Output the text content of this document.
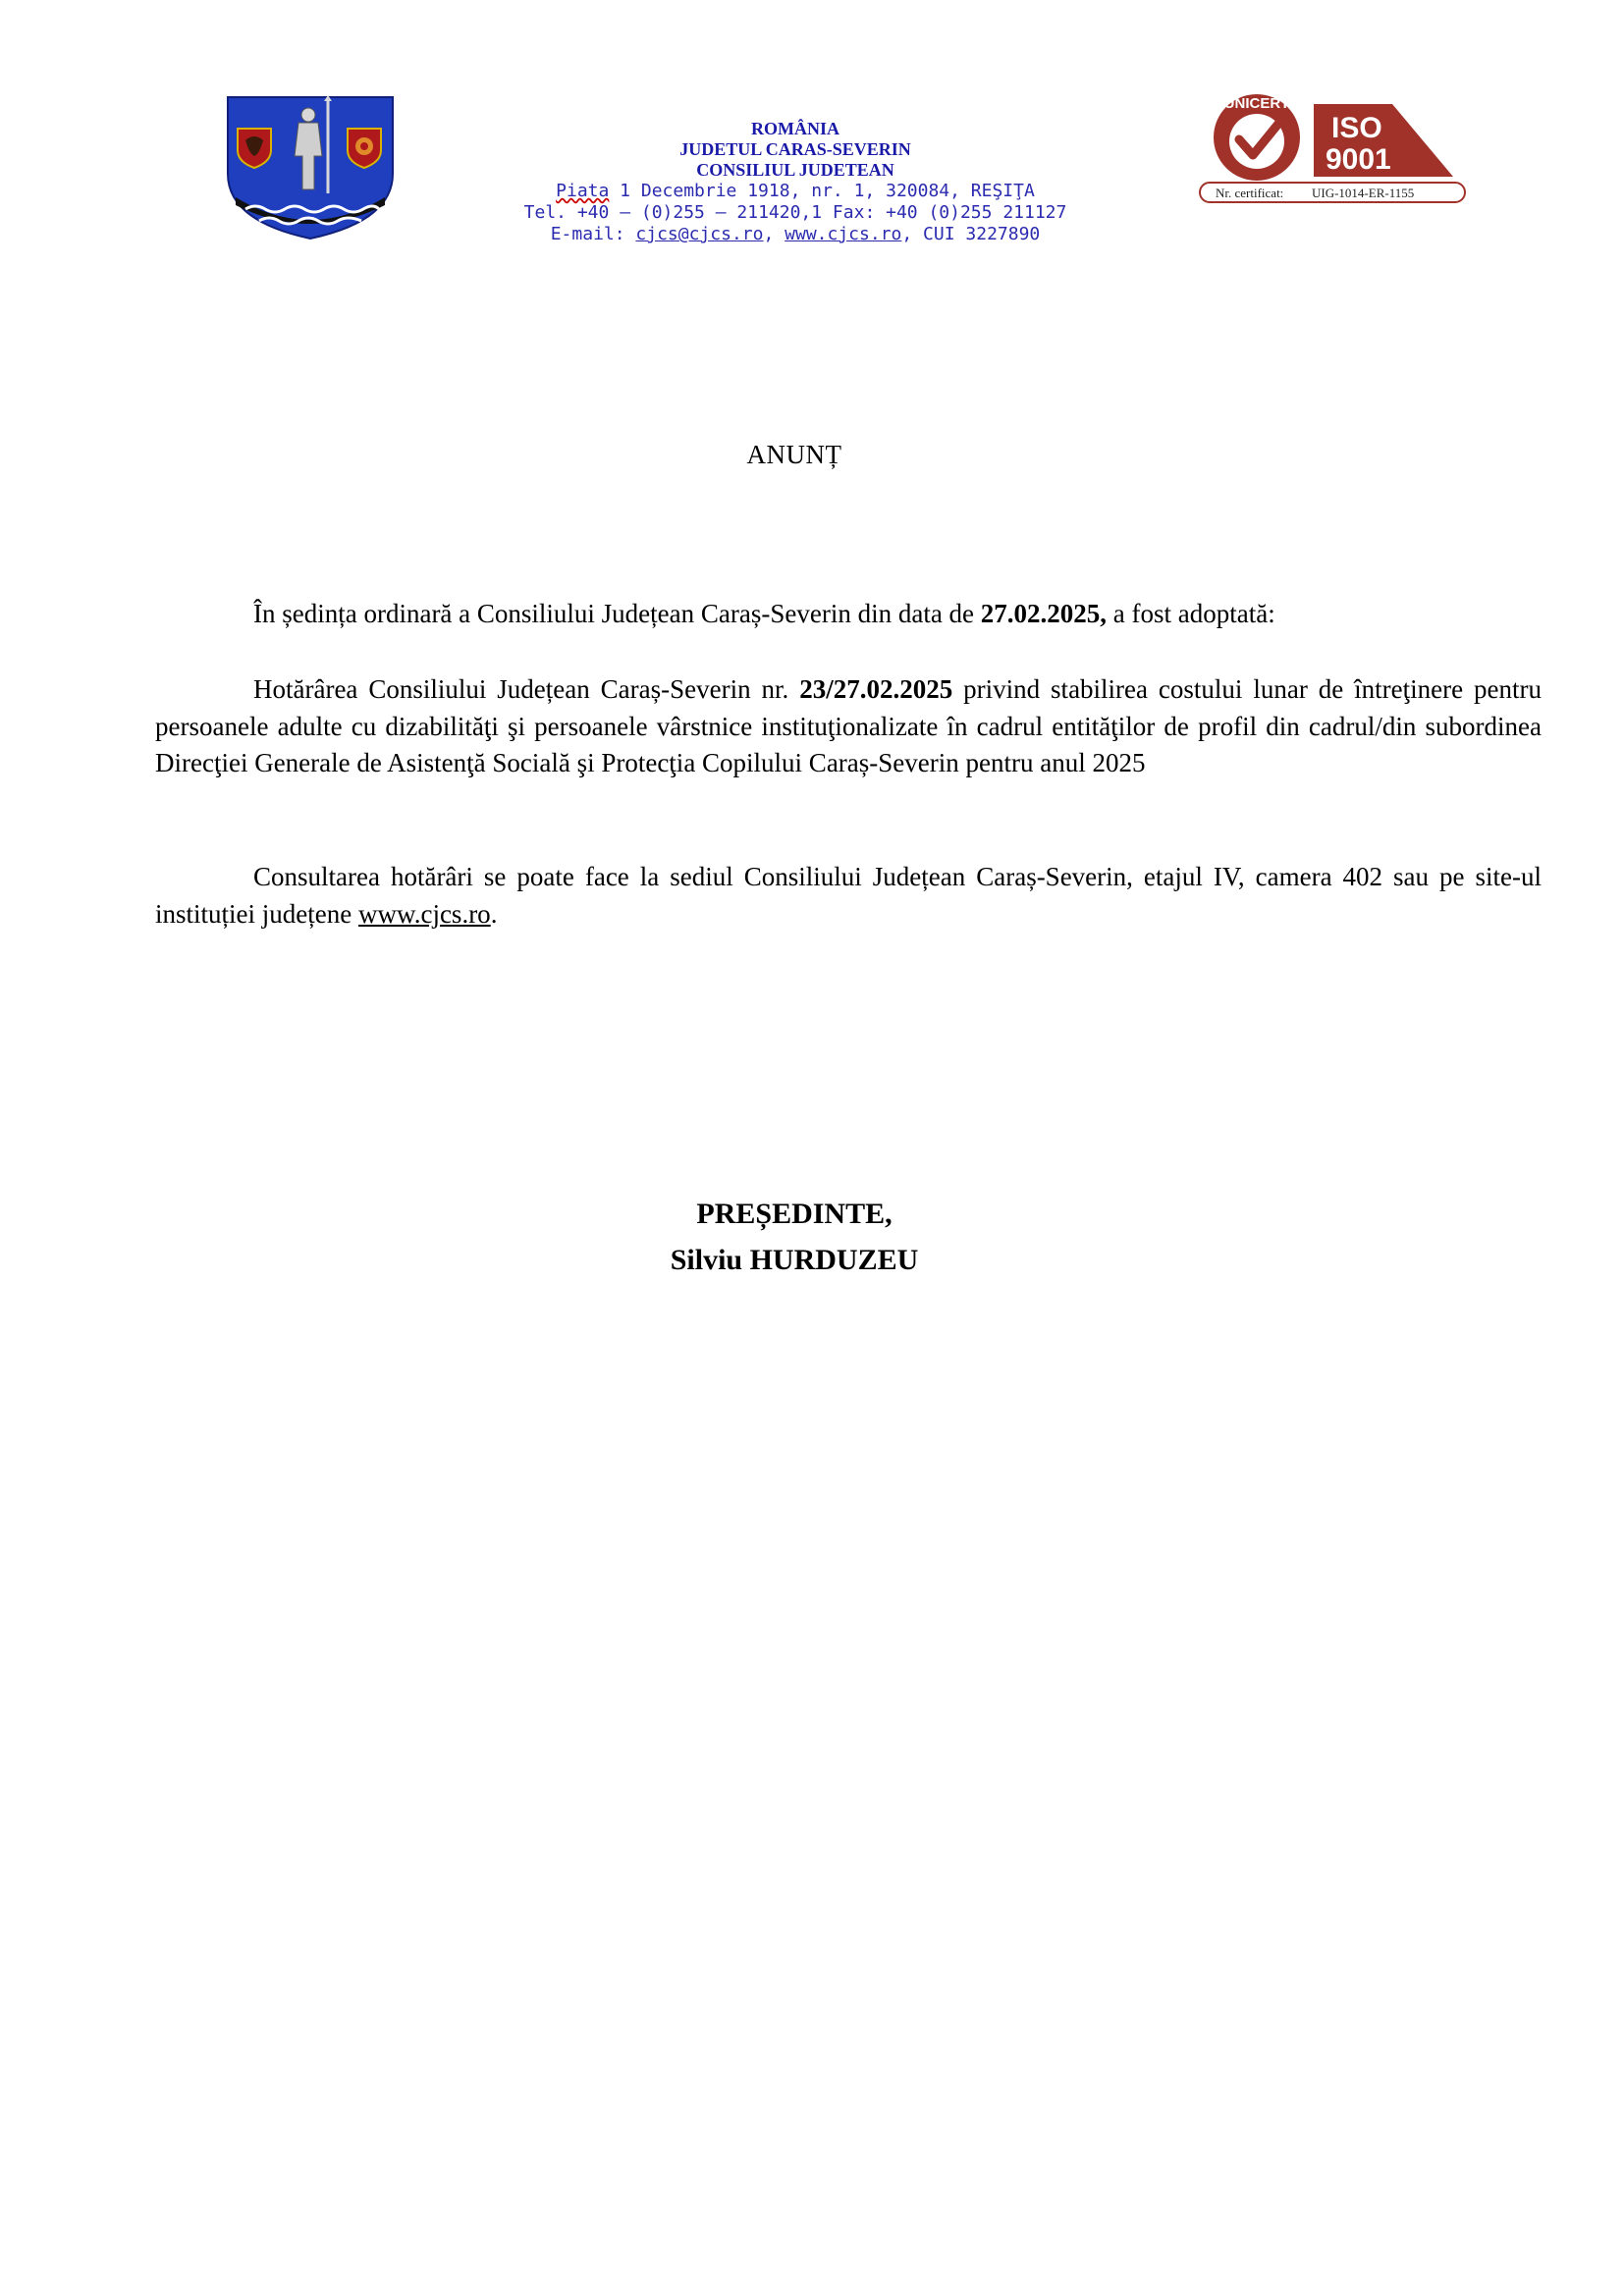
ROMÂNIA
JUDETUL CARAS-SEVERIN
CONSILIUL JUDETEAN
Piata 1 Decembrie 1918, nr. 1, 320084, REŞIŢA
Tel. +40 – (0)255 – 211420,1 Fax: +40 (0)255 211127
E-mail: cjcs@cjcs.ro, www.cjcs.ro, CUI 3227890
UNICERT
ISO
9001
Nr. certificat: UIG-1014-ER-1155
ANUNȚ

În ședința ordinară a Consiliului Județean Caraș-Severin din data de 27.02.2025, a fost adoptată:

Hotărârea Consiliului Județean Caraș-Severin nr. 23/27.02.2025 privind stabilirea costului lunar de întreţinere pentru persoanele adulte cu dizabilităţi şi persoanele vârstnice instituţionalizate în cadrul entităţilor de profil din cadrul/din subordinea Direcţiei Generale de Asistenţă Socială şi Protecţia Copilului Caraș-Severin pentru anul 2025

Consultarea hotărâri se poate face la sediul Consiliului Județean Caraș-Severin, etajul IV, camera 402 sau pe site-ul instituției județene www.cjcs.ro.

PREȘEDINTE,
Silviu HURDUZEU
